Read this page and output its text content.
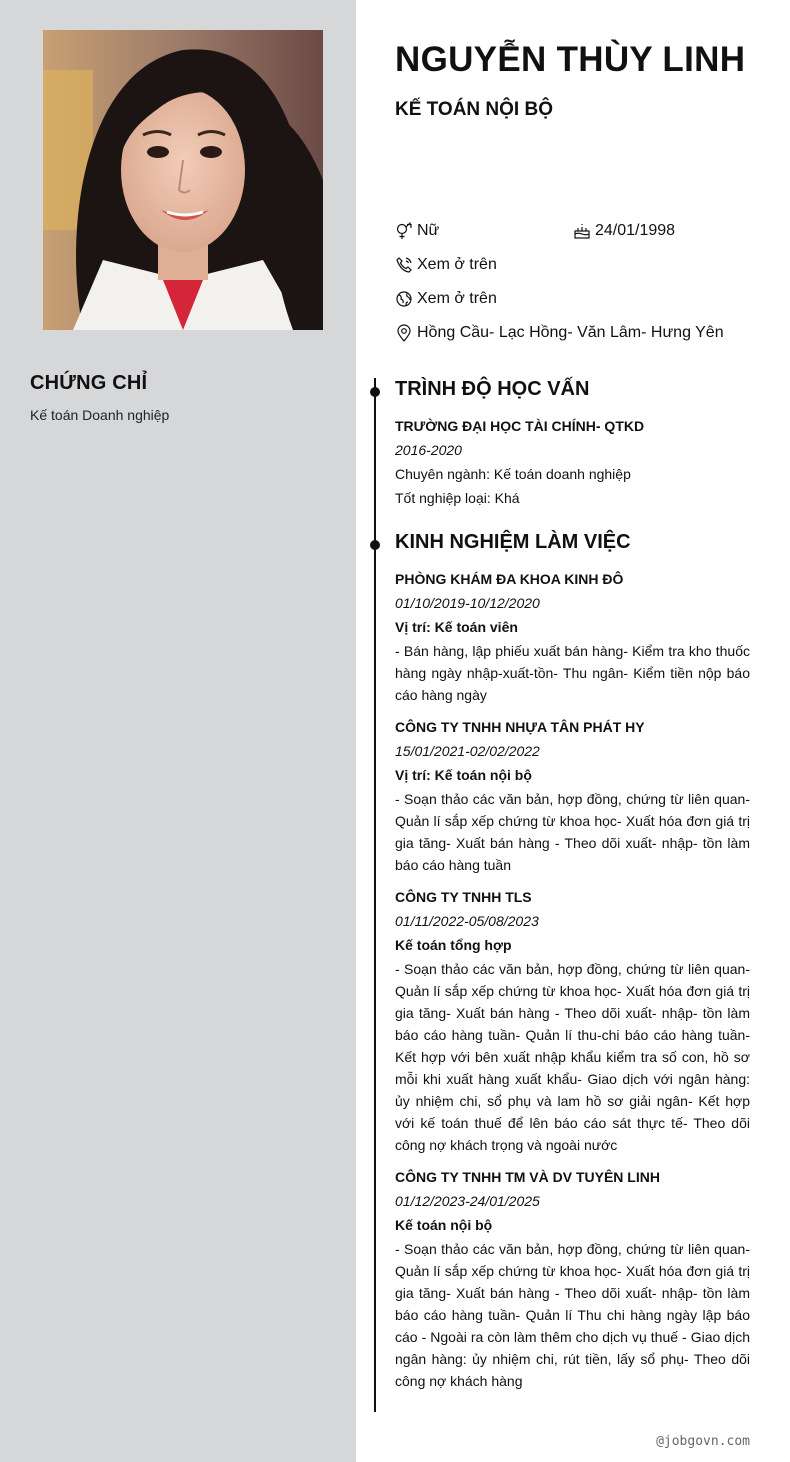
CHỨNG CHỈ
Kế toán Doanh nghiệp
NGUYỄN THÙY LINH
KẾ TOÁN NỘI BỘ
Nữ	24/01/1998
Xem ở trên
Xem ở trên
Hồng Cầu- Lạc Hồng- Văn Lâm- Hưng Yên
TRÌNH ĐỘ HỌC VẤN
TRƯỜNG ĐẠI HỌC TÀI CHÍNH- QTKD
2016-2020
Chuyên ngành: Kế toán doanh nghiệp
Tốt nghiệp loại: Khá
KINH NGHIỆM LÀM VIỆC
PHÒNG KHÁM ĐA KHOA KINH ĐÔ
01/10/2019-10/12/2020
Vị trí: Kế toán viên
- Bán hàng, lập phiếu xuất bán hàng- Kiểm tra kho thuốc hàng ngày nhập-xuất-tồn- Thu ngân- Kiểm tiền nộp báo cáo hàng ngày
CÔNG TY TNHH NHỰA TÂN PHÁT HY
15/01/2021-02/02/2022
Vị trí: Kế toán nội bộ
- Soạn thảo các văn bản, hợp đồng, chứng từ liên quan- Quản lí sắp xếp chứng từ khoa học- Xuất hóa đơn giá trị gia tăng- Xuất bán hàng - Theo dõi xuất- nhập- tồn làm báo cáo hàng tuần
CÔNG TY TNHH TLS
01/11/2022-05/08/2023
Kế toán tổng hợp
- Soạn thảo các văn bản, hợp đồng, chứng từ liên quan- Quản lí sắp xếp chứng từ khoa học- Xuất hóa đơn giá trị gia tăng- Xuất bán hàng - Theo dõi xuất- nhập- tồn làm báo cáo hàng tuần- Quản lí thu-chi báo cáo hàng tuần- Kết hợp với bên xuất nhập khẩu kiểm tra số con, hồ sơ mỗi khi xuất hàng xuất khẩu- Giao dịch với ngân hàng: ủy nhiệm chi, sổ phụ và lam hồ sơ giải ngân- Kết hợp với kế toán thuế để lên báo cáo sát thực tế- Theo dõi công nợ khách trọng và ngoài nước
CÔNG TY TNHH TM VÀ DV TUYÊN LINH
01/12/2023-24/01/2025
Kế toán nội bộ
- Soạn thảo các văn bản, hợp đồng, chứng từ liên quan- Quản lí sắp xếp chứng từ khoa học- Xuất hóa đơn giá trị gia tăng- Xuất bán hàng - Theo dõi xuất- nhập- tồn làm báo cáo hàng tuần- Quản lí Thu chi hàng ngày lập báo cáo - Ngoài ra còn làm thêm cho dịch vụ thuế - Giao dịch ngân hàng: ủy nhiệm chi, rút tiền, lấy sổ phụ- Theo dõi công nợ khách hàng
@jobgovn.com
